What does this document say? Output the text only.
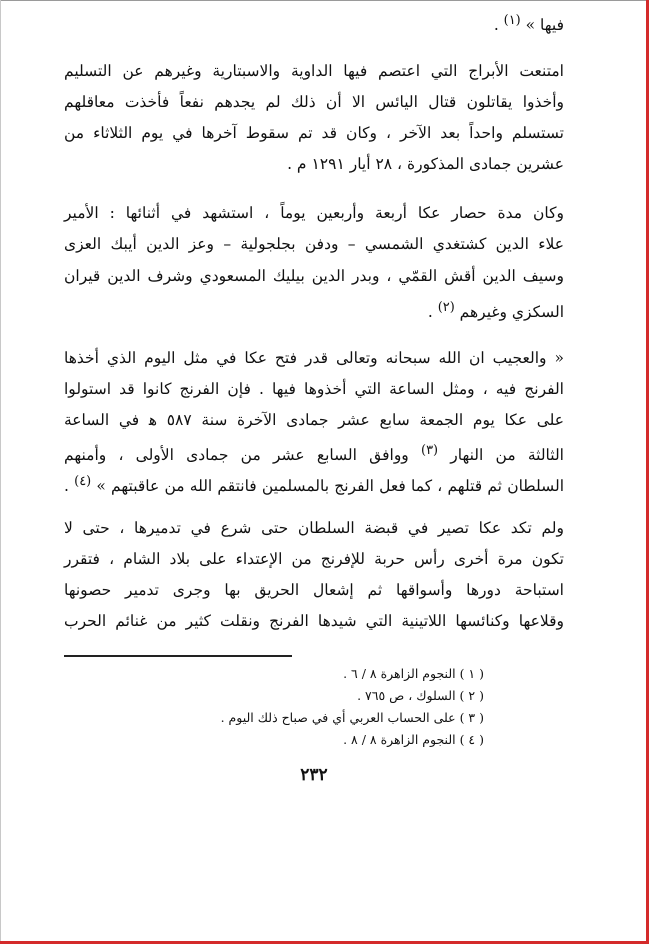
فيها » $^{(١)}$ .
امتنعت الأبراج التي اعتصم فيها الداوية والاسبتارية وغيرهم عن التسليم
وأخذوا يقاتلون قتال اليائس الا أن ذلك لم يجدهم نفعاً فأخذت معاقلهم
تستسلم واحداً بعد الآخر ، وكان قد تم سقوط آخرها في يوم الثلاثاء من
عشرين جمادى المذكورة ، ٢٨ أيار ١٢٩١ م .
وكان مدة حصار عكا أربعة وأربعين يوماً ، استشهد في أثنائها : الأمير
علاء الدين كشتغدي الشمسي – ودفن بجلجولية – وعز الدين أيبك العزى
وسيف الدين أقش القمّي ، وبدر الدين بيليك المسعودي وشرف الدين قيران
السكزي وغيرهم $^{(٢)}$ .
« والعجيب ان الله سبحانه وتعالى قدر فتح عكا في مثل اليوم الذي أخذها
الفرنج فيه ، ومثل الساعة التي أخذوها فيها . فإن الفرنج كانوا قد استولوا
على عكا يوم الجمعة سابع عشر جمادى الآخرة سنة ٥٨٧ ﻫ في الساعة
الثالثة من النهار $^{(٣)}$ ووافق السابع عشر من جمادى الأولى ، وأمنهم
السلطان ثم قتلهم ، كما فعل الفرنج بالمسلمين فانتقم الله من عاقبتهم » $^{(٤)}$ .
ولم تكد عكا تصير في قبضة السلطان حتى شرع في تدميرها ، حتى لا
تكون مرة أخرى رأس حربة للإفرنج من الإعتداء على بلاد الشام ، فتقرر
استباحة دورها وأسواقها ثم إشعال الحريق بها وجرى تدمير حصونها
وقلاعها وكنائسها اللاتينية التي شيدها الفرنج ونقلت كثير من غنائم الحرب
( ١ ) النجوم الزاهرة ٨ / ٦ .
( ٢ ) السلوك ، ص ٧٦٥ .
( ٣ ) على الحساب العربي أي في صباح ذلك اليوم .
( ٤ ) النجوم الزاهرة ٨ / ٨ .
٢٣٢
